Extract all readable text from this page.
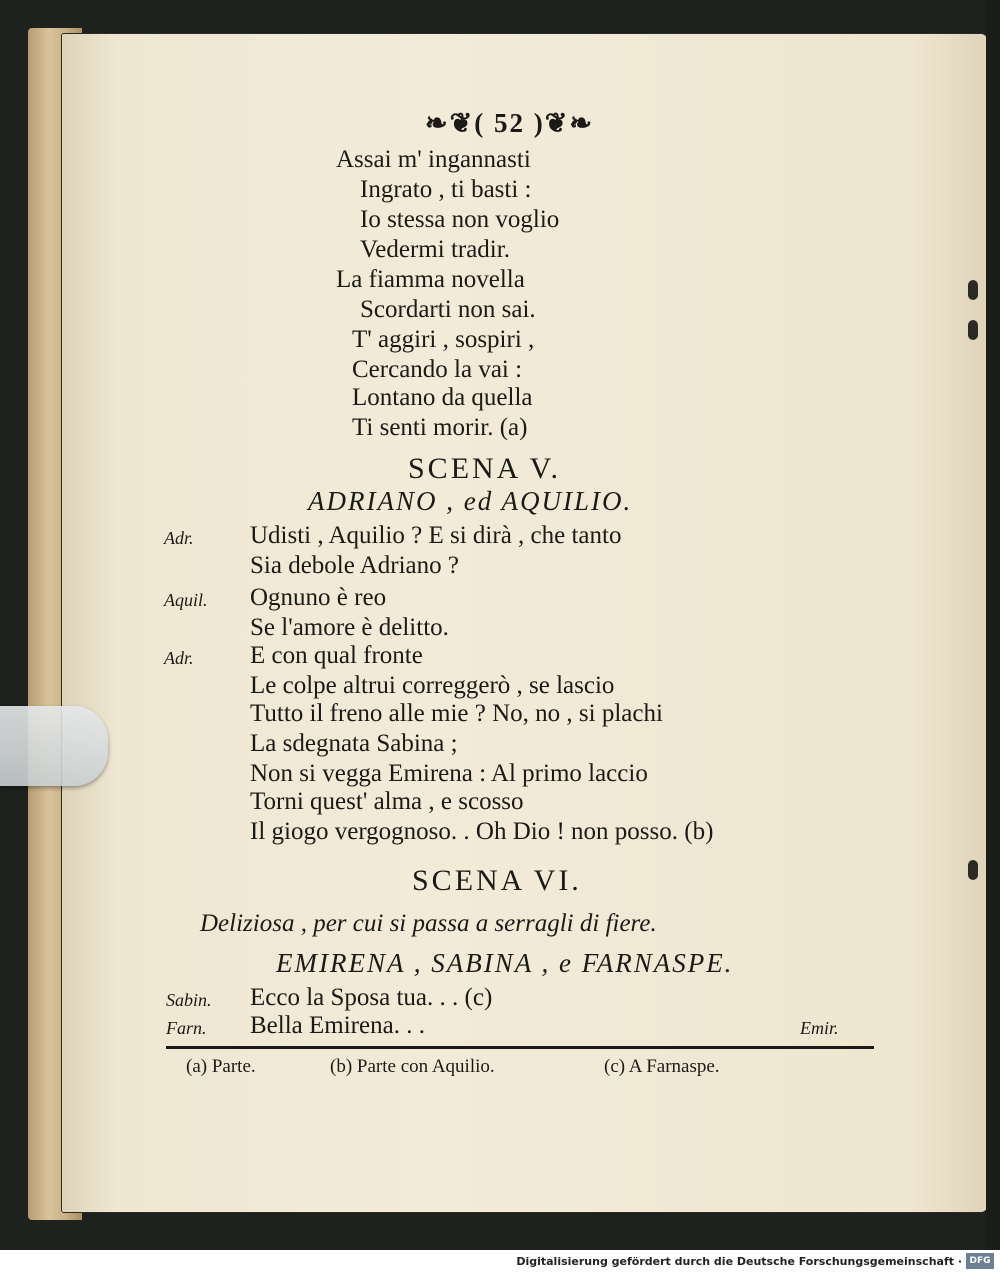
❧❦( 52 )❦❧
Assai m' ingannasti
Ingrato , ti basti :
Io stessa non voglio
Vedermi tradir.
La fiamma novella
Scordarti non sai.
T' aggiri , sospiri ,
Cercando la vai :
Lontano da quella
Ti senti morir. (a)
SCENA V.
ADRIANO , ed AQUILIO.
Adr. Udisti , Aquilio ? E si dirà , che tanto
Sia debole Adriano ?
Aquil. Ognuno è reo
Se l'amore è delitto.
Adr. E con qual fronte
Le colpe altrui correggerò , se lascio
Tutto il freno alle mie ? No, no , si plachi
La sdegnata Sabina ;
Non si vegga Emirena : Al primo laccio
Torni quest' alma , e scosso
Il giogo vergognoso. . Oh Dio ! non posso. (b)
SCENA VI.
Deliziosa , per cui si passa a serragli di fiere.
EMIRENA , SABINA , e FARNASPE.
Sabin. Ecco la Sposa tua. . . (c)
Farn. Bella Emirena. . .	Emir.
(a) Parte.	(b) Parte con Aquilio.	(c) A Farnaspe.
Digitalisierung gefördert durch die Deutsche Forschungsgemeinschaft · DFG
